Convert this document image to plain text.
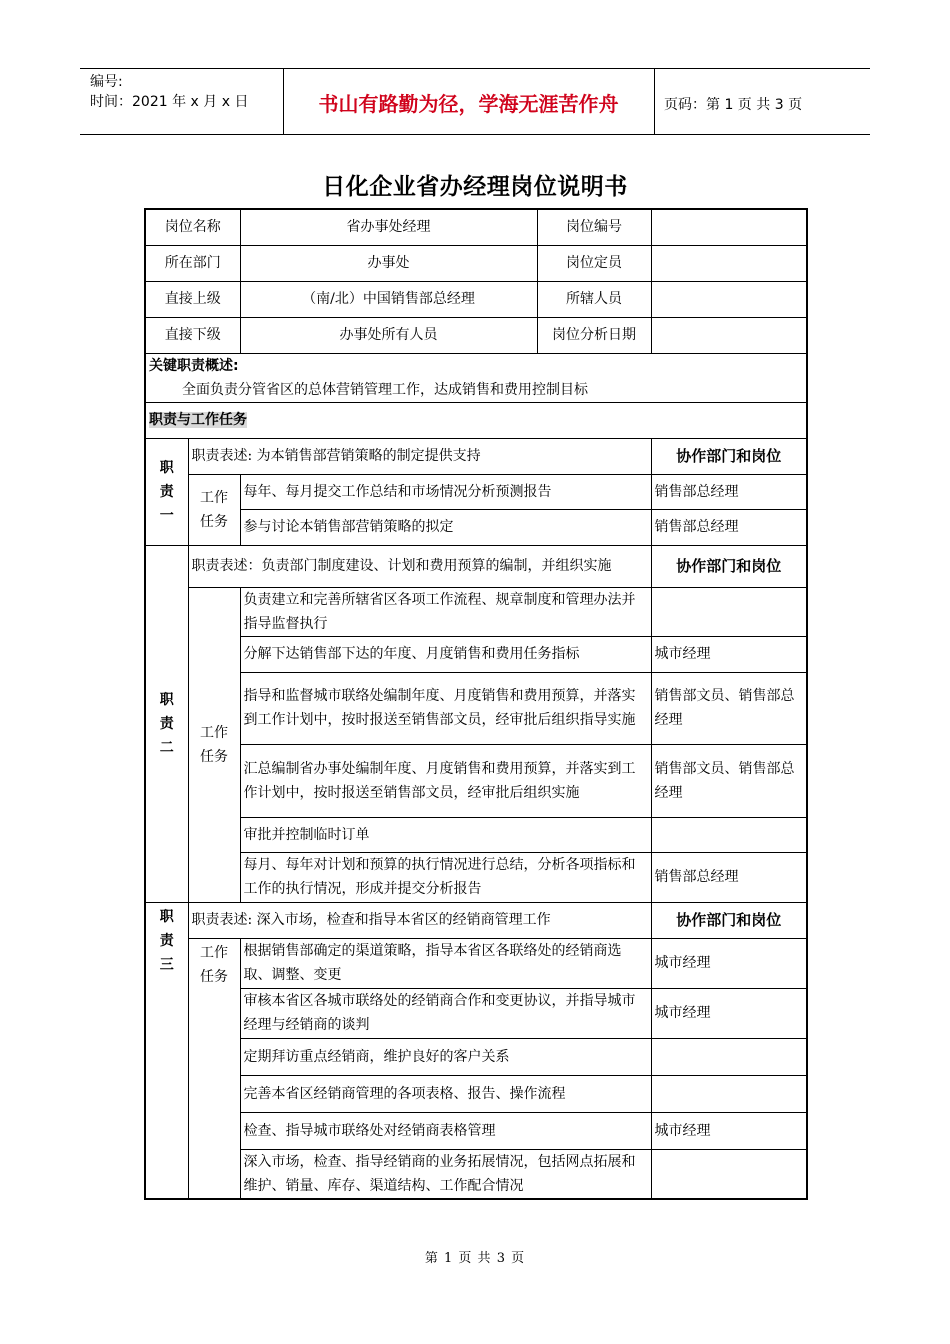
编号:
时间：2021 年 x 月 x 日	书山有路勤为径，学海无涯苦作舟	页码：第 1 页 共 3 页
日化企业省办经理岗位说明书
岗位名称		省办事处经理	岗位编号	
所在部门		办事处	岗位定员	
直接上级		（南/北）中国销售部总经理	所辖人员	
直接下级		办事处所有人员	岗位分析日期	
关键职责概述:
全面负责分管省区的总体营销管理工作，达成销售和费用控制目标				

职责与工作任务				

职
责
一	职责表述: 为本销售部营销策略的制定提供支持			协作部门和岗位

	工作
任务	每年、每月提交工作总结和市场情况分析预测报告		销售部总经理
		参与讨论本销售部营销策略的拟定		销售部总经理

职
责
二	职责表述：负责部门制度建设、计划和费用预算的编制，并组织实施			协作部门和岗位

	工作
任务	负责建立和完善所辖省区各项工作流程、规章制度和管理办法并指导监督执行		
		分解下达销售部下达的年度、月度销售和费用任务指标		城市经理
		指导和监督城市联络处编制年度、月度销售和费用预算，并落实到工作计划中，按时报送至销售部文员，经审批后组织指导实施		销售部文员、销售部总经理
		汇总编制省办事处编制年度、月度销售和费用预算，并落实到工作计划中，按时报送至销售部文员，经审批后组织实施		销售部文员、销售部总经理
		审批并控制临时订单		
		每月、每年对计划和预算的执行情况进行总结，分析各项指标和工作的执行情况，形成并提交分析报告		销售部总经理

职
责
三	职责表述: 深入市场，检查和指导本省区的经销商管理工作			协作部门和岗位

	工作
任务	根据销售部确定的渠道策略，指导本省区各联络处的经销商选取、调整、变更		城市经理
		审核本省区各城市联络处的经销商合作和变更协议，并指导城市经理与经销商的谈判		城市经理
		定期拜访重点经销商，维护良好的客户关系		
		完善本省区经销商管理的各项表格、报告、操作流程		
		检查、指导城市联络处对经销商表格管理		城市经理
		深入市场，检查、指导经销商的业务拓展情况，包括网点拓展和维护、销量、库存、渠道结构、工作配合情况		
第 1 页 共 3 页
